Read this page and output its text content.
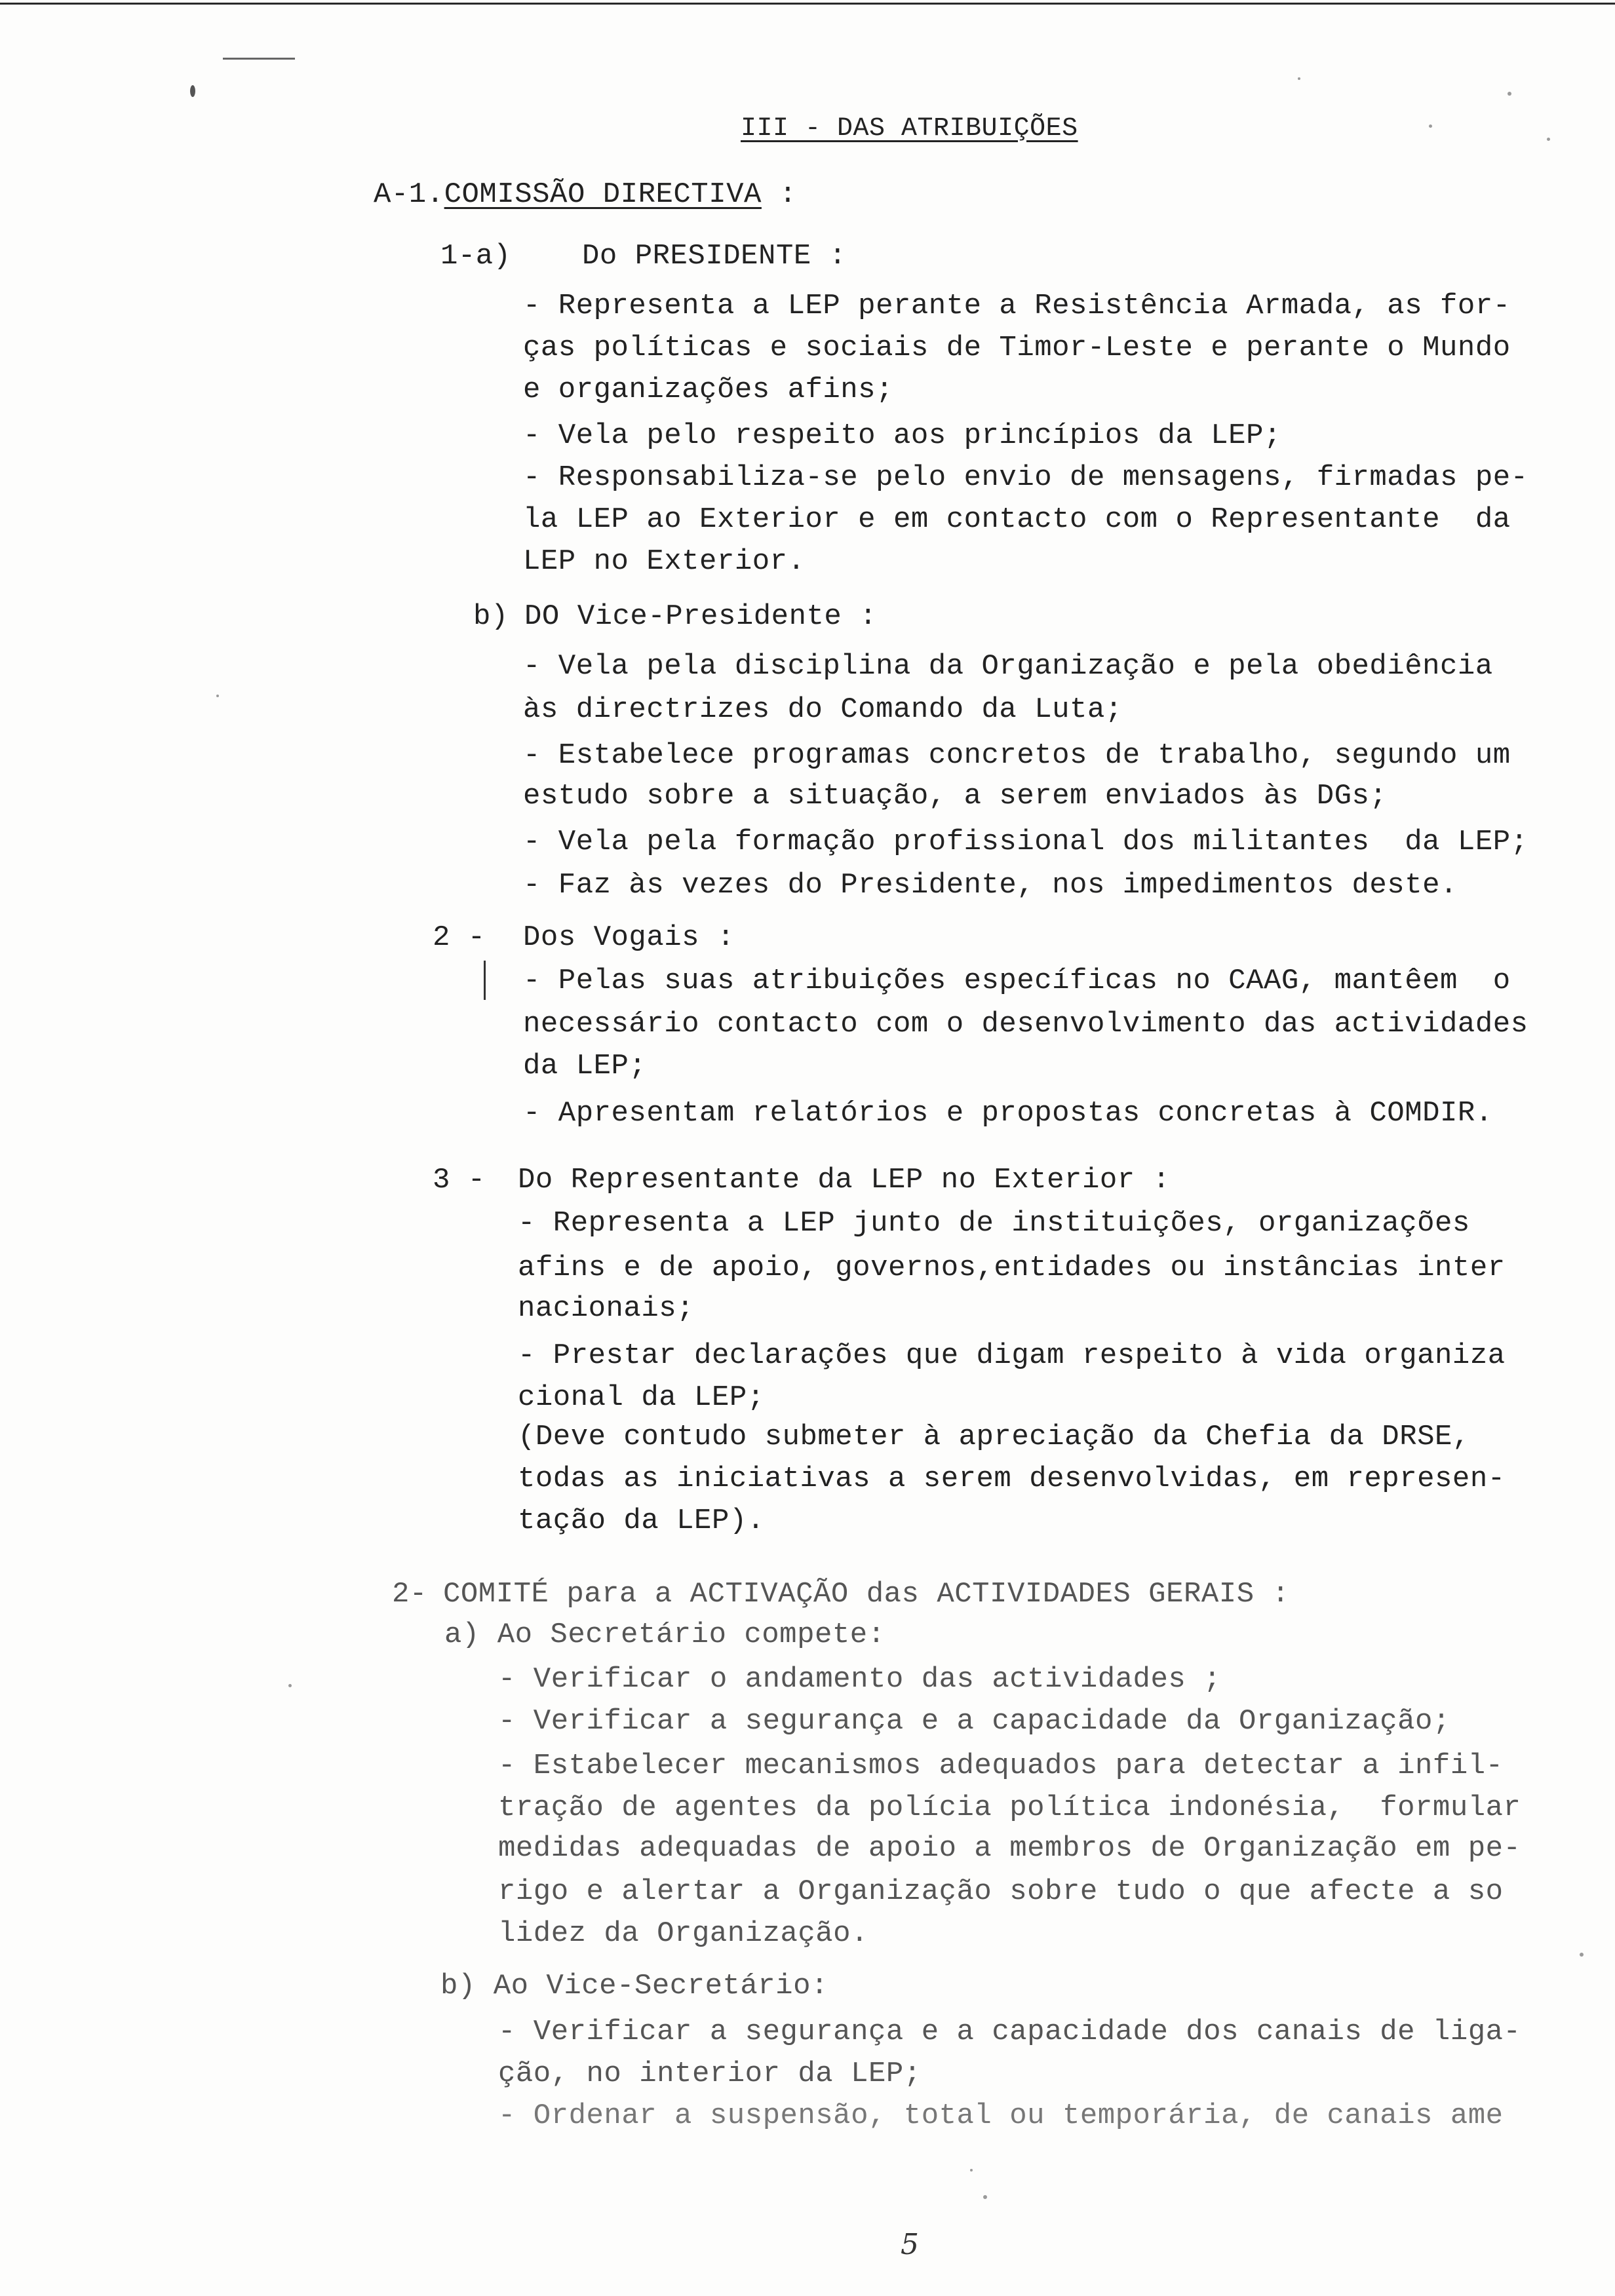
III - DAS ATRIBUIÇÕES
A-1.COMISSÃO DIRECTIVA :
1-a) Do PRESIDENTE :
- Representa a LEP perante a Resistência Armada, as for-
ças políticas e sociais de Timor-Leste e perante o Mundo
e organizações afins;
- Vela pelo respeito aos princípios da LEP;
- Responsabiliza-se pelo envio de mensagens, firmadas pe-
la LEP ao Exterior e em contacto com o Representante  da
LEP no Exterior.
b) DO Vice-Presidente :
- Vela pela disciplina da Organização e pela obediência
às directrizes do Comando da Luta;
- Estabelece programas concretos de trabalho, segundo um
estudo sobre a situação, a serem enviados às DGs;
- Vela pela formação profissional dos militantes  da LEP;
- Faz às vezes do Presidente, nos impedimentos deste.
2 - Dos Vogais :
- Pelas suas atribuições específicas no CAAG, mantêem  o
necessário contacto com o desenvolvimento das actividades
da LEP;
- Apresentam relatórios e propostas concretas à COMDIR.
3 - Do Representante da LEP no Exterior :
- Representa a LEP junto de instituições, organizações
afins e de apoio, governos,entidades ou instâncias inter
nacionais;
- Prestar declarações que digam respeito à vida organiza
cional da LEP;
(Deve contudo submeter à apreciação da Chefia da DRSE,
todas as iniciativas a serem desenvolvidas, em represen-
tação da LEP).
2- COMITÉ para a ACTIVAÇÃO das ACTIVIDADES GERAIS :
a) Ao Secretário compete:
- Verificar o andamento das actividades ;
- Verificar a segurança e a capacidade da Organização;
- Estabelecer mecanismos adequados para detectar a infil-
tração de agentes da polícia política indonésia,  formular
medidas adequadas de apoio a membros de Organização em pe-
rigo e alertar a Organização sobre tudo o que afecte a so
lidez da Organização.
b) Ao Vice-Secretário:
- Verificar a segurança e a capacidade dos canais de liga-
ção, no interior da LEP;
- Ordenar a suspensão, total ou temporária, de canais ame
5
